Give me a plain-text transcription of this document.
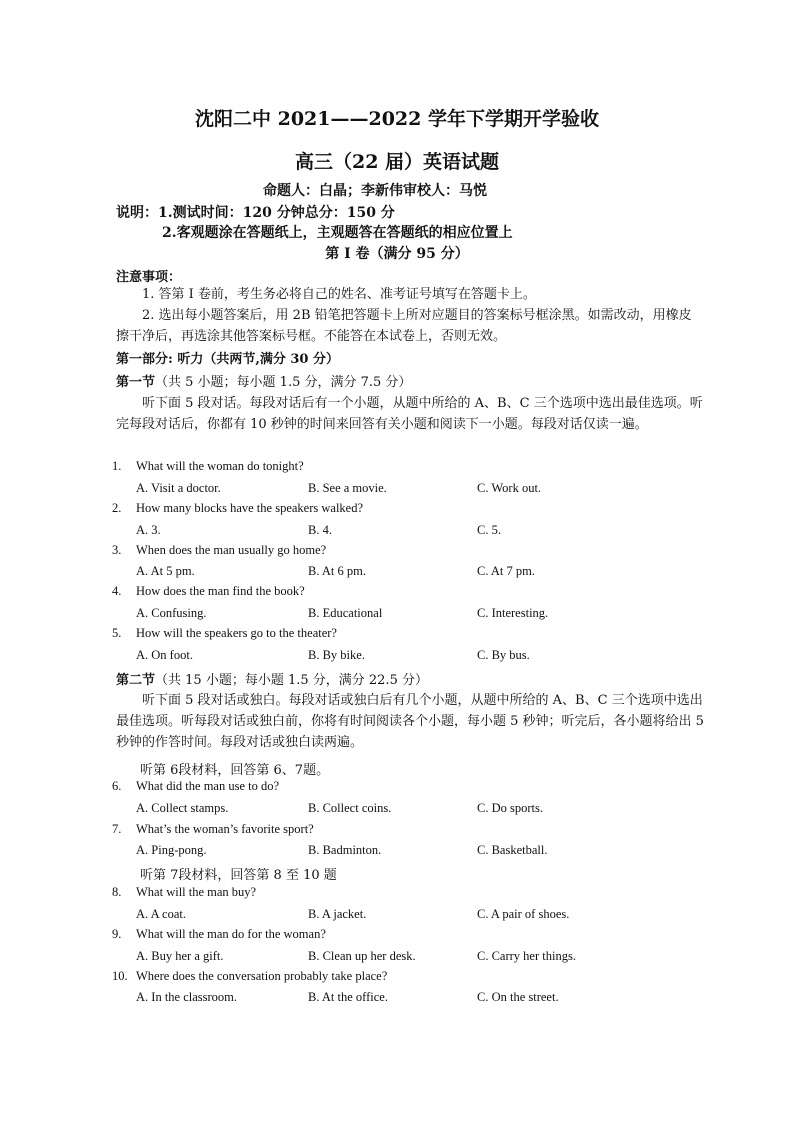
沈阳二中 2021——2022 学年下学期开学验收
高三（22 届）英语试题
命题人：白晶；李新伟审校人：马悦
说明：1.测试时间：120 分钟总分：150 分
2.客观题涂在答题纸上，主观题答在答题纸的相应位置上
第 I 卷（满分 95 分）
注意事项：
1. 答第 I 卷前，考生务必将自己的姓名、准考证号填写在答题卡上。
2. 选出每小题答案后，用 2B 铅笔把答题卡上所对应题目的答案标号框涂黑。如需改动，用橡皮擦干净后，再选涂其他答案标号框。不能答在本试卷上，否则无效。
第一部分: 听力（共两节,满分 30 分）
第一节（共 5 小题；每小题 1.5 分，满分 7.5 分）
听下面 5 段对话。每段对话后有一个小题，从题中所给的 A、B、C 三个选项中选出最佳选项。听完每段对话后，你都有 10 秒钟的时间来回答有关小题和阅读下一小题。每段对话仅读一遍。
1. What will the woman do tonight?
A. Visit a doctor.	B. See a movie.	C. Work out.
2. How many blocks have the speakers walked?
A. 3.	B. 4.	C. 5.
3. When does the man usually go home?
A. At 5 pm.	B. At 6 pm.	C. At 7 pm.
4. How does the man find the book?
A. Confusing.	B. Educational	C. Interesting.
5. How will the speakers go to the theater?
A. On foot.	B. By bike.	C. By bus.
第二节（共 15 小题；每小题 1.5 分，满分 22.5 分）
听下面 5 段对话或独白。每段对话或独白后有几个小题，从题中所给的 A、B、C 三个选项中选出最佳选项。听每段对话或独白前，你将有时间阅读各个小题，每小题 5 秒钟；听完后，各小题将给出 5 秒钟的作答时间。每段对话或独白读两遍。
听第 6段材料，回答第 6、7题。
6. What did the man use to do?
A. Collect stamps.	B. Collect coins.	C. Do sports.
7. What’s the woman’s favorite sport?
A. Ping-pong.	B. Badminton.	C. Basketball.
听第 7段材料，回答第 8 至 10 题
8. What will the man buy?
A. A coat.	B. A jacket.	C. A pair of shoes.
9. What will the man do for the woman?
A. Buy her a gift.	B. Clean up her desk.	C. Carry her things.
10. Where does the conversation probably take place?
A. In the classroom.	B. At the office.	C. On the street.
